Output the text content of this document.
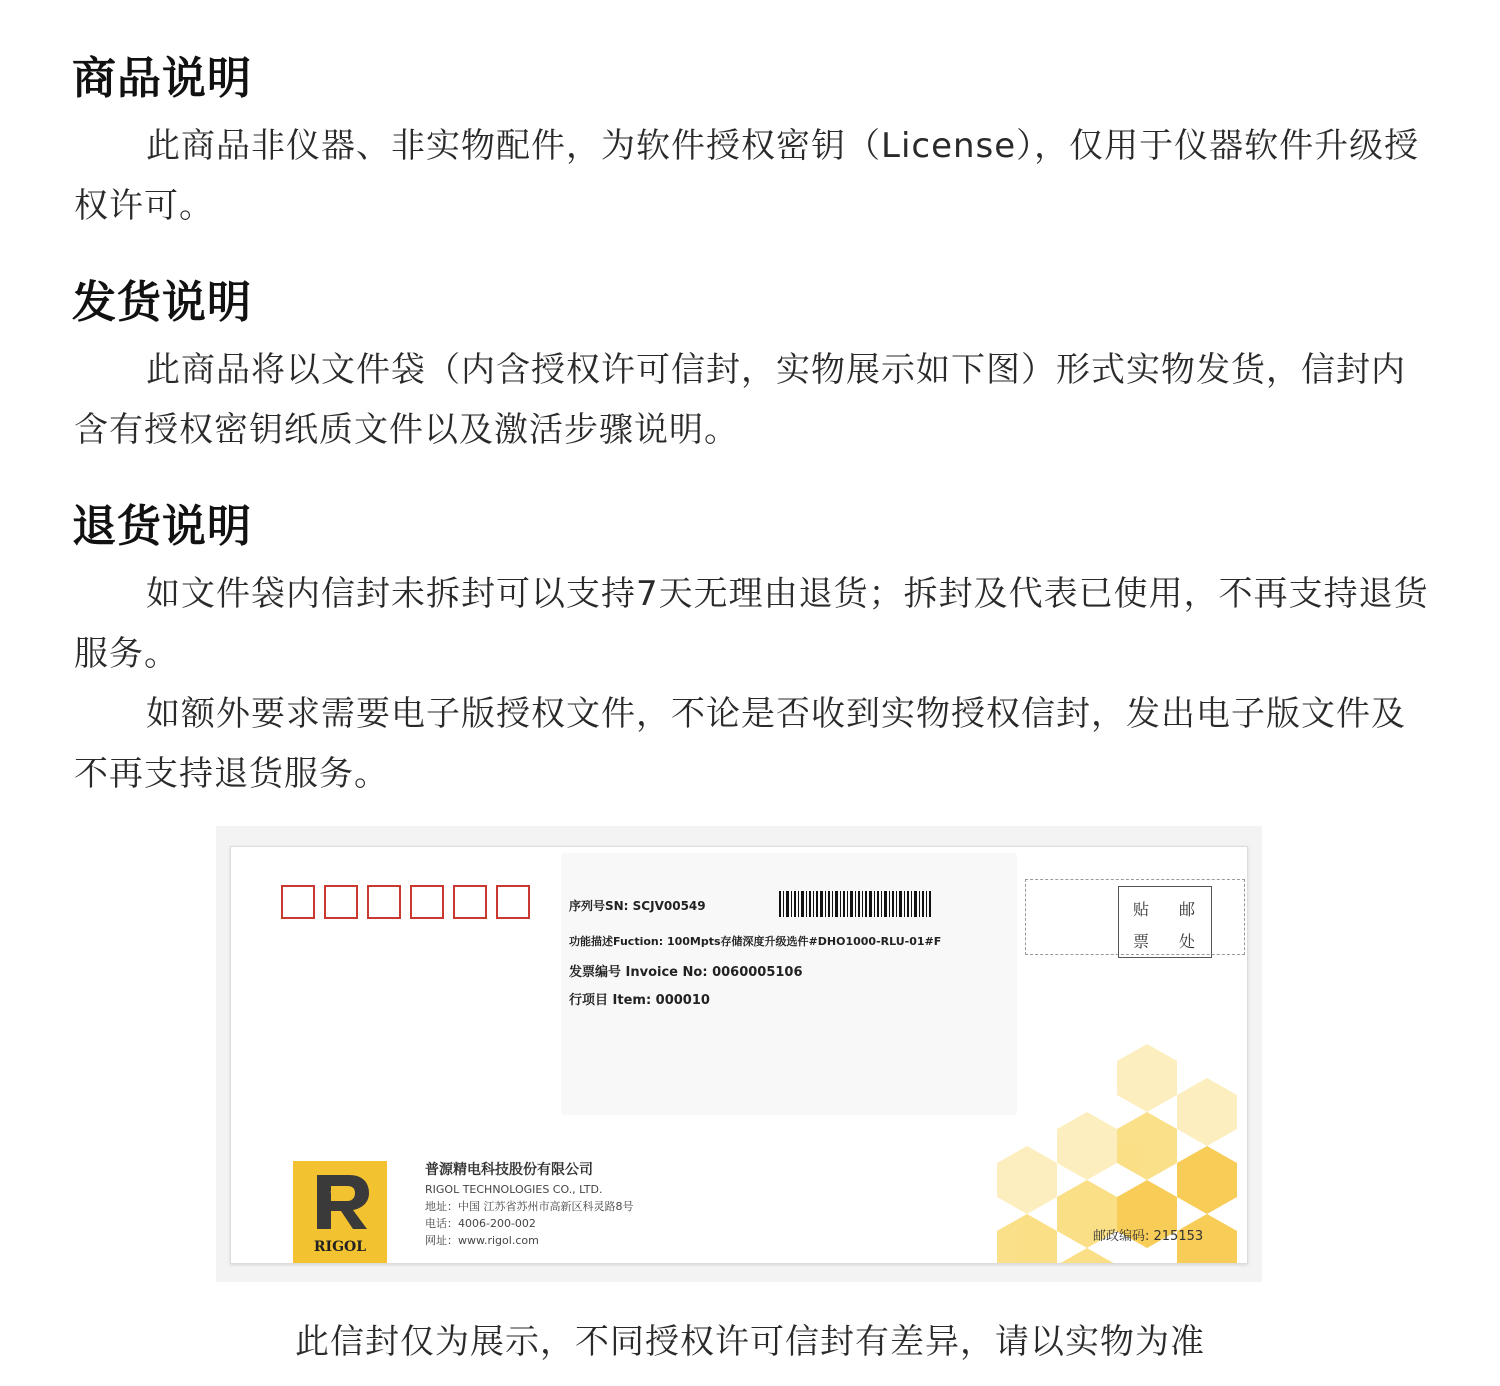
商品说明

此商品非仪器、非实物配件，为软件授权密钥（License），仅用于仪器软件升级授权许可。

发货说明

此商品将以文件袋（内含授权许可信封，实物展示如下图）形式实物发货，信封内含有授权密钥纸质文件以及激活步骤说明。

退货说明

如文件袋内信封未拆封可以支持7天无理由退货；拆封及代表已使用，不再支持退货服务。

如额外要求需要电子版授权文件，不论是否收到实物授权信封，发出电子版文件及不再支持退货服务。

序列号SN: SCJV00549
功能描述Fuction: 100Mpts存储深度升级选件#DHO1000-RLU-01#F
发票编号 Invoice No: 0060005106
行项目 Item: 000010
贴 邮
票 处
RIGOL

普源精电科技股份有限公司

RIGOL TECHNOLOGIES CO., LTD.

地址：中国 江苏省苏州市高新区科灵路8号

电话：4006-200-002

网址：www.rigol.com	邮政编码: 215153
此信封仅为展示，不同授权许可信封有差异，请以实物为准
